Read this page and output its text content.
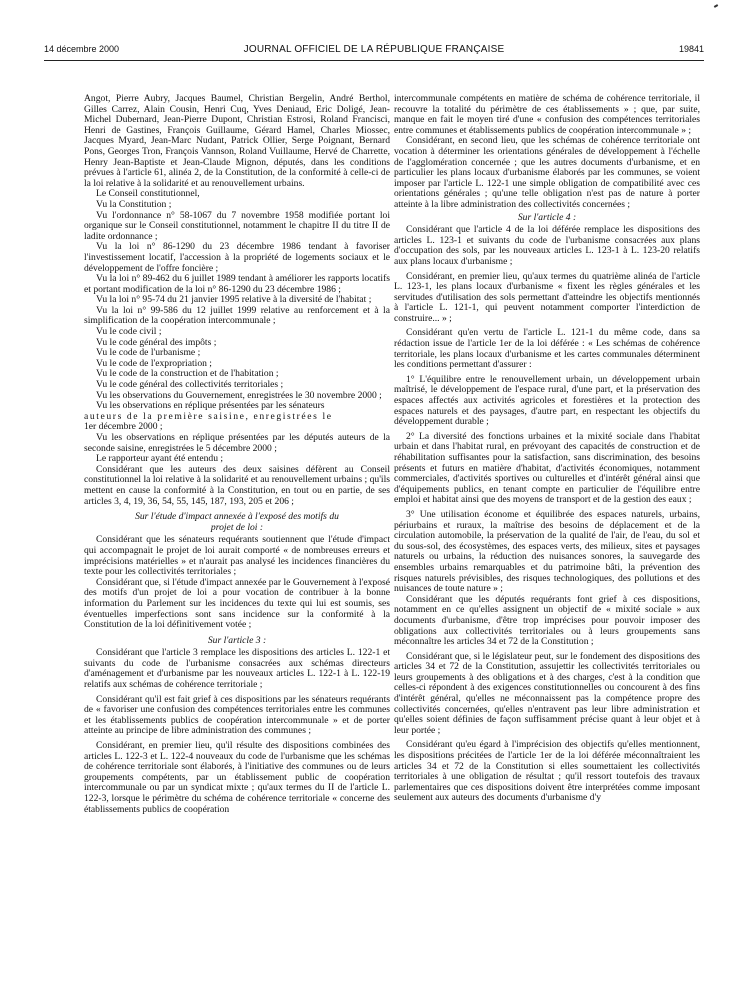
14 décembre 2000	JOURNAL OFFICIEL DE LA RÉPUBLIQUE FRANÇAISE	19841

Angot, Pierre Aubry, Jacques Baumel, Christian Bergelin, André Berthol, Gilles Carrez, Alain Cousin, Henri Cuq, Yves Deniaud, Eric Doligé, Jean-Michel Dubernard, Jean-Pierre Dupont, Christian Estrosi, Roland Francisci, Henri de Gastines, François Guillaume, Gérard Hamel, Charles Miossec, Jacques Myard, Jean-Marc Nudant, Patrick Ollier, Serge Poignant, Bernard Pons, Georges Tron, François Vannson, Roland Vuillaume, Hervé de Charrette, Henry Jean-Baptiste et Jean-Claude Mignon, députés, dans les conditions prévues à l'article 61, alinéa 2, de la Constitution, de la conformité à celle-ci de la loi relative à la solidarité et au renouvellement urbains.

Le Conseil constitutionnel,

Vu la Constitution ;

Vu l'ordonnance n° 58-1067 du 7 novembre 1958 modifiée portant loi organique sur le Conseil constitutionnel, notamment le chapitre II du titre II de ladite ordonnance ;

Vu la loi n° 86-1290 du 23 décembre 1986 tendant à favoriser l'investissement locatif, l'accession à la propriété de logements sociaux et le développement de l'offre foncière ;

Vu la loi n° 89-462 du 6 juillet 1989 tendant à améliorer les rapports locatifs et portant modification de la loi n° 86-1290 du 23 décembre 1986 ;

Vu la loi n° 95-74 du 21 janvier 1995 relative à la diversité de l'habitat ;

Vu la loi n° 99-586 du 12 juillet 1999 relative au renforcement et à la simplification de la coopération intercommunale ;

Vu le code civil ;

Vu le code général des impôts ;

Vu le code de l'urbanisme ;

Vu le code de l'expropriation ;

Vu le code de la construction et de l'habitation ;

Vu le code général des collectivités territoriales ;

Vu les observations du Gouvernement, enregistrées le 30 novembre 2000 ;

Vu les observations en réplique présentées par les sénateurs

auteurs de la première saisine, enregistrées le

1er décembre 2000 ;

Vu les observations en réplique présentées par les députés auteurs de la seconde saisine, enregistrées le 5 décembre 2000 ;

Le rapporteur ayant été entendu ;

Considérant que les auteurs des deux saisines défèrent au Conseil constitutionnel la loi relative à la solidarité et au renouvellement urbains ; qu'ils mettent en cause la conformité à la Constitution, en tout ou en partie, de ses articles 3, 4, 19, 36, 54, 55, 145, 187, 193, 205 et 206 ;

Sur l'étude d'impact annexée à l'exposé des motifs du
projet de loi :

Considérant que les sénateurs requérants soutiennent que l'étude d'impact qui accompagnait le projet de loi aurait comporté « de nombreuses erreurs et imprécisions matérielles » et n'aurait pas analysé les incidences financières du texte pour les collectivités territoriales ;

Considérant que, si l'étude d'impact annexée par le Gouvernement à l'exposé des motifs d'un projet de loi a pour vocation de contribuer à la bonne information du Parlement sur les incidences du texte qui lui est soumis, ses éventuelles imperfections sont sans incidence sur la conformité à la Constitution de la loi définitivement votée ;

Sur l'article 3 :

Considérant que l'article 3 remplace les dispositions des articles L. 122-1 et suivants du code de l'urbanisme consacrées aux schémas directeurs d'aménagement et d'urbanisme par les nouveaux articles L. 122-1 à L. 122-19 relatifs aux schémas de cohérence territoriale ;

Considérant qu'il est fait grief à ces dispositions par les sénateurs requérants de « favoriser une confusion des compétences territoriales entre les communes et les établissements publics de coopération intercommunale » et de porter atteinte au principe de libre administration des communes ;

Considérant, en premier lieu, qu'il résulte des dispositions combinées des articles L. 122-3 et L. 122-4 nouveaux du code de l'urbanisme que les schémas de cohérence territoriale sont élaborés, à l'initiative des communes ou de leurs groupements compétents, par un établissement public de coopération intercommunale ou par un syndicat mixte ; qu'aux termes du II de l'article L. 122-3, lorsque le périmètre du schéma de cohérence territoriale « concerne des établissements publics de coopération

intercommunale compétents en matière de schéma de cohérence territoriale, il recouvre la totalité du périmètre de ces établissements » ; que, par suite, manque en fait le moyen tiré d'une « confusion des compétences territoriales entre communes et établissements publics de coopération intercommunale » ;

Considérant, en second lieu, que les schémas de cohérence territoriale ont vocation à déterminer les orientations générales de développement à l'échelle de l'agglomération concernée ; que les autres documents d'urbanisme, et en particulier les plans locaux d'urbanisme élaborés par les communes, se voient imposer par l'article L. 122-1 une simple obligation de compatibilité avec ces orientations générales ; qu'une telle obligation n'est pas de nature à porter atteinte à la libre administration des collectivités concernées ;

Sur l'article 4 :

Considérant que l'article 4 de la loi déférée remplace les dispositions des articles L. 123-1 et suivants du code de l'urbanisme consacrées aux plans d'occupation des sols, par les nouveaux articles L. 123-1 à L. 123-20 relatifs aux plans locaux d'urbanisme ;

Considérant, en premier lieu, qu'aux termes du quatrième alinéa de l'article L. 123-1, les plans locaux d'urbanisme « fixent les règles générales et les servitudes d'utilisation des sols permettant d'atteindre les objectifs mentionnés à l'article L. 121-1, qui peuvent notamment comporter l'interdiction de construire... » ;

Considérant qu'en vertu de l'article L. 121-1 du même code, dans sa rédaction issue de l'article 1er de la loi déférée : « Les schémas de cohérence territoriale, les plans locaux d'urbanisme et les cartes communales déterminent les conditions permettant d'assurer :

1° L'équilibre entre le renouvellement urbain, un développement urbain maîtrisé, le développement de l'espace rural, d'une part, et la préservation des espaces affectés aux activités agricoles et forestières et la protection des espaces naturels et des paysages, d'autre part, en respectant les objectifs du développement durable ;

2° La diversité des fonctions urbaines et la mixité sociale dans l'habitat urbain et dans l'habitat rural, en prévoyant des capacités de construction et de réhabilitation suffisantes pour la satisfaction, sans discrimination, des besoins présents et futurs en matière d'habitat, d'activités économiques, notamment commerciales, d'activités sportives ou culturelles et d'intérêt général ainsi que d'équipements publics, en tenant compte en particulier de l'équilibre entre emploi et habitat ainsi que des moyens de transport et de la gestion des eaux ;

3° Une utilisation économe et équilibrée des espaces naturels, urbains, périurbains et ruraux, la maîtrise des besoins de déplacement et de la circulation automobile, la préservation de la qualité de l'air, de l'eau, du sol et du sous-sol, des écosystèmes, des espaces verts, des milieux, sites et paysages naturels ou urbains, la réduction des nuisances sonores, la sauvegarde des ensembles urbains remarquables et du patrimoine bâti, la prévention des risques naturels prévisibles, des risques technologiques, des pollutions et des nuisances de toute nature » ;

Considérant que les députés requérants font grief à ces dispositions, notamment en ce qu'elles assignent un objectif de « mixité sociale » aux documents d'urbanisme, d'être trop imprécises pour pouvoir imposer des obligations aux collectivités territoriales ou à leurs groupements sans méconnaître les articles 34 et 72 de la Constitution ;

Considérant que, si le législateur peut, sur le fondement des dispositions des articles 34 et 72 de la Constitution, assujettir les collectivités territoriales ou leurs groupements à des obligations et à des charges, c'est à la condition que celles-ci répondent à des exigences constitutionnelles ou concourent à des fins d'intérêt général, qu'elles ne méconnaissent pas la compétence propre des collectivités concernées, qu'elles n'entravent pas leur libre administration et qu'elles soient définies de façon suffisamment précise quant à leur objet et à leur portée ;

Considérant qu'eu égard à l'imprécision des objectifs qu'elles mentionnent, les dispositions précitées de l'article 1er de la loi déférée méconnaîtraient les articles 34 et 72 de la Constitution si elles soumettaient les collectivités territoriales à une obligation de résultat ; qu'il ressort toutefois des travaux parlementaires que ces dispositions doivent être interprétées comme imposant seulement aux auteurs des documents d'urbanisme d'y
